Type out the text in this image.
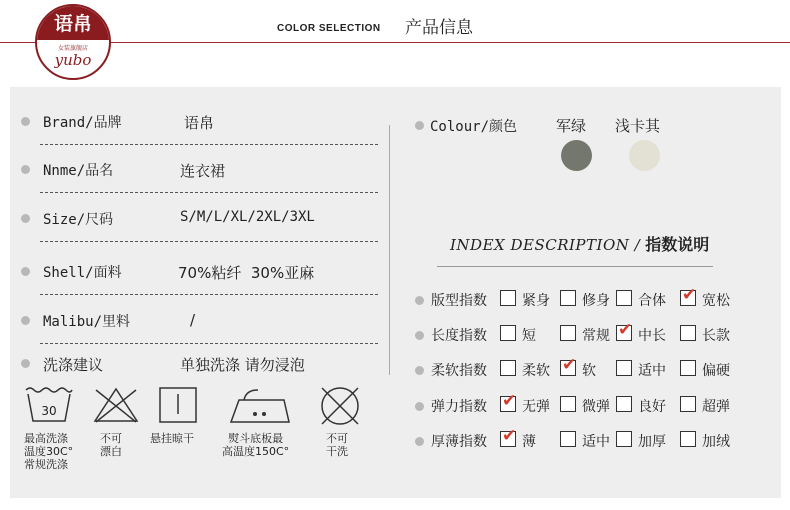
语帛
女装旗舰店
yubo
COLOR SELECTION 产品信息
Brand/品牌	语帛
Nnme/品名	连衣裙
Size/尺码	S/M/L/XL/2XL/3XL
Shell/面料	70%粘纤  30%亚麻
Malibu/里料	/
洗涤建议	单独洗涤 请勿浸泡
30
最高洗涤
温度30C°
常规洗涤
不可
漂白
悬挂晾干	熨斗底板最
高温度150C°
不可
干洗
Colour/颜色	军绿 浅卡其
INDEX DESCRIPTION / 指数说明
版型指数	紧身 修身 合体 ✔ 宽松
长度指数	短	常规 ✔ 中长	长款
柔软指数	柔软 ✔ 软	适中	偏硬
弹力指数 ✔ 无弹 微弹 良好	超弹
厚薄指数 ✔ 薄	适中 加厚	加绒
